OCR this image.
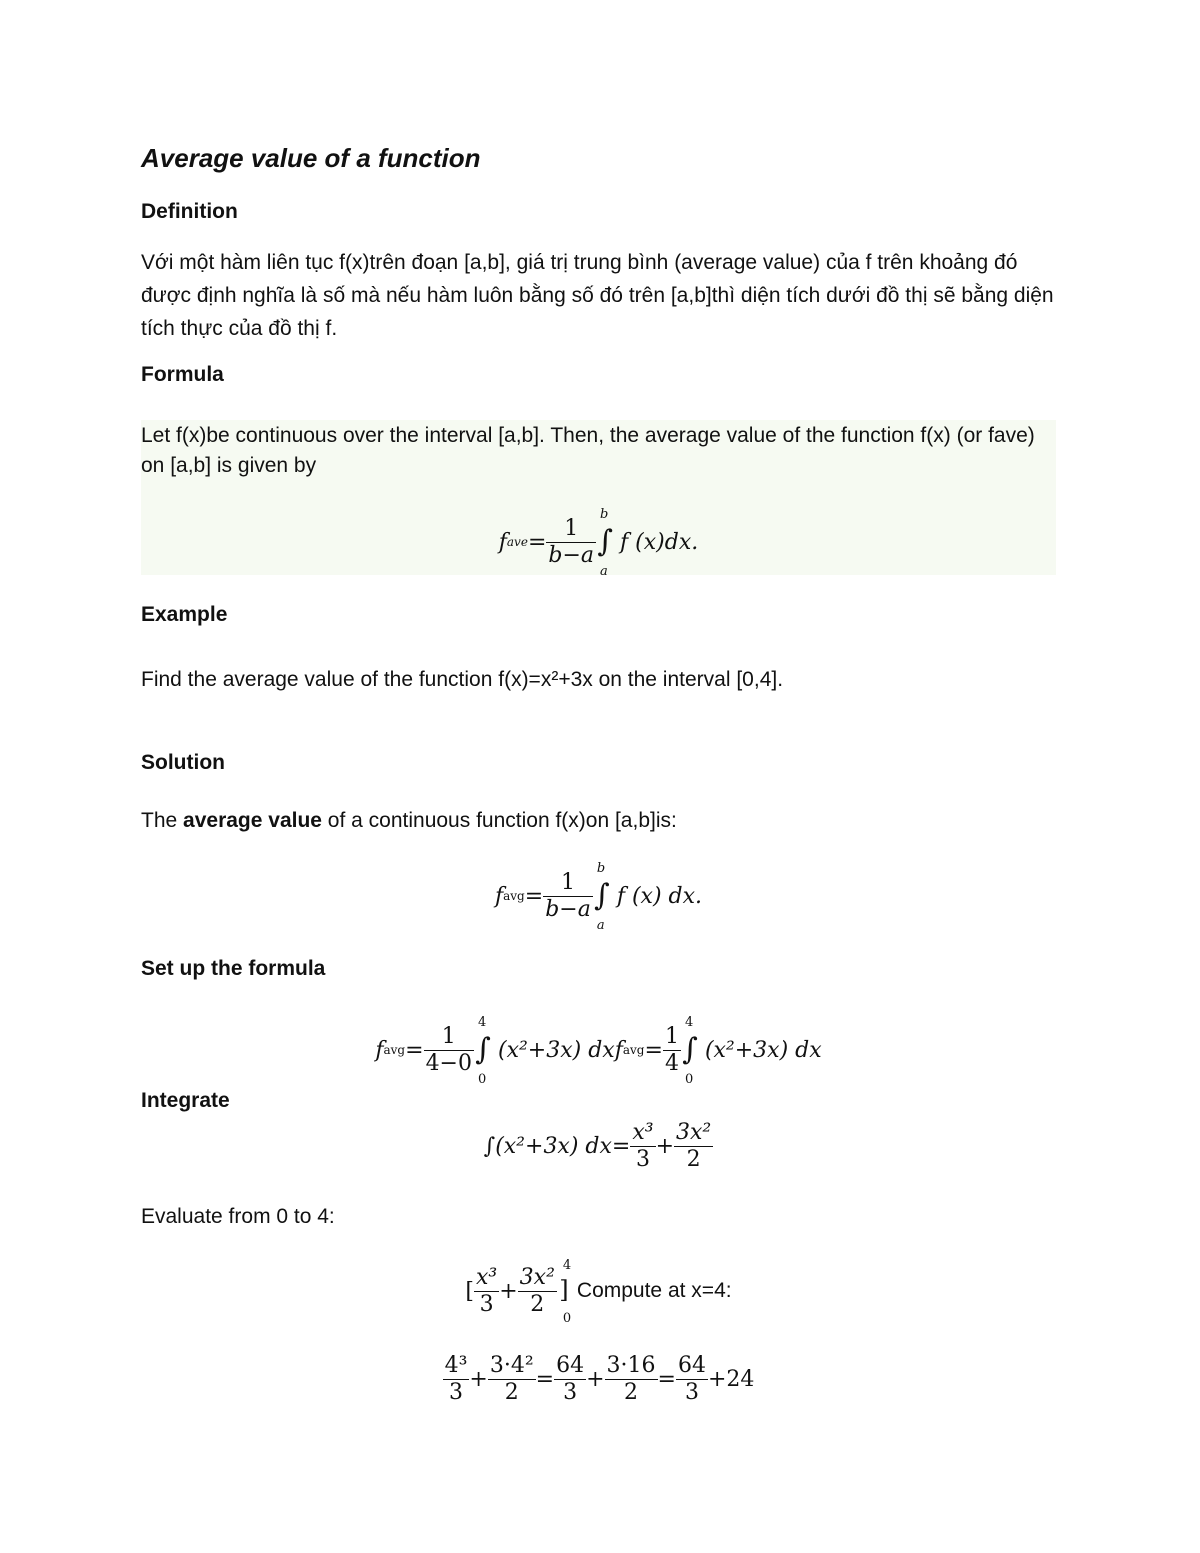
Average value of a function
Definition
Với một hàm liên tục f(x)trên đoạn [a,b], giá trị trung bình (average value) của f trên khoảng đó được định nghĩa là số mà nếu hàm luôn bằng số đó trên [a,b]thì diện tích dưới đồ thị sẽ bằng diện tích thực của đồ thị f.
Formula
Let f(x)be continuous over the interval [a,b]. Then, the average value of the function f(x) (or fave) on [a,b] is given by
f ave = $\frac{1}{b-a}$
b
∫
a
f (x)dx.
Example
Find the average value of the function f(x)=x²+3x on the interval [0,4].
Solution
The average value of a continuous function f(x)on [a,b]is:
f avg = $\frac{1}{b-a}$
b
∫
a
f (x) dx.
Set up the formula
f avg = $\frac{1}{4-0}$
4
∫
0
(x²+3x) dx f avg = $\frac{1}{4}$
4
∫
0
(x²+3x) dx
Integrate
∫(x²+3x) $dx= \frac{\text{x³}}{3} + \frac{\text{3x²}}{2}$
Evaluate from 0 to 4:
[ $\frac{\text{x³}}{3} + \frac{\text{3x²}}{2} 4$
]
0
Compute at x=4:
$\frac{\text{4³}}{3} + \frac{\text{3·4²}}{2} = \frac{64}{3} + \frac{3\cdot 16}{2} = \frac{64}{3} +24$
